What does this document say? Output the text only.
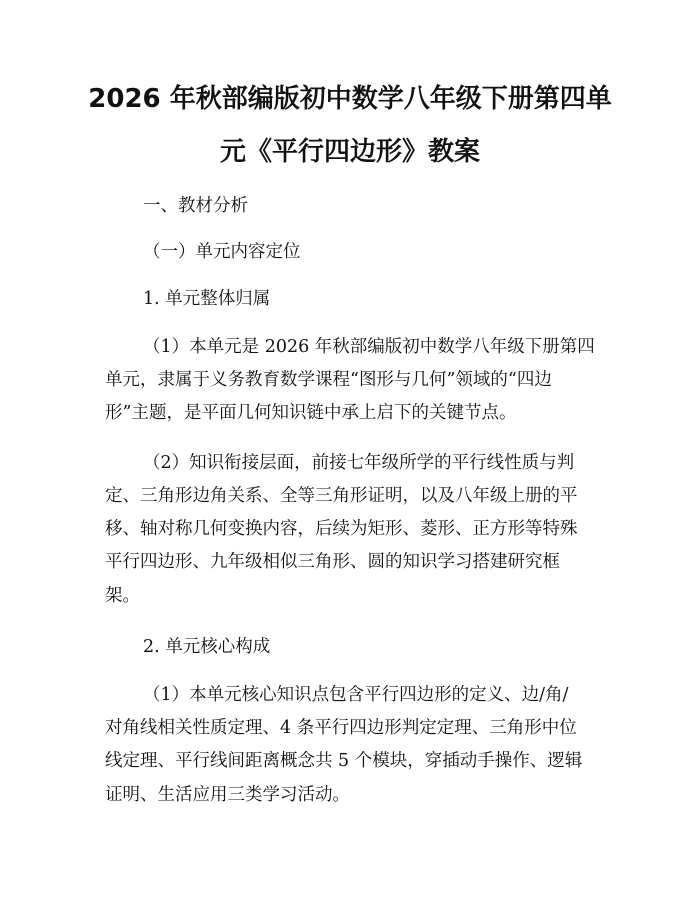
2026 年秋部编版初中数学八年级下册第四单
元《平行四边形》教案

一、教材分析

（一）单元内容定位

1. 单元整体归属

（1）本单元是 2026 年秋部编版初中数学八年级下册第四

单元，隶属于义务教育数学课程“图形与几何”领域的“四边

形”主题，是平面几何知识链中承上启下的关键节点。

（2）知识衔接层面，前接七年级所学的平行线性质与判

定、三角形边角关系、全等三角形证明，以及八年级上册的平

移、轴对称几何变换内容，后续为矩形、菱形、正方形等特殊

平行四边形、九年级相似三角形、圆的知识学习搭建研究框

架。

2. 单元核心构成

（1）本单元核心知识点包含平行四边形的定义、边/角/

对角线相关性质定理、4 条平行四边形判定定理、三角形中位

线定理、平行线间距离概念共 5 个模块，穿插动手操作、逻辑

证明、生活应用三类学习活动。
